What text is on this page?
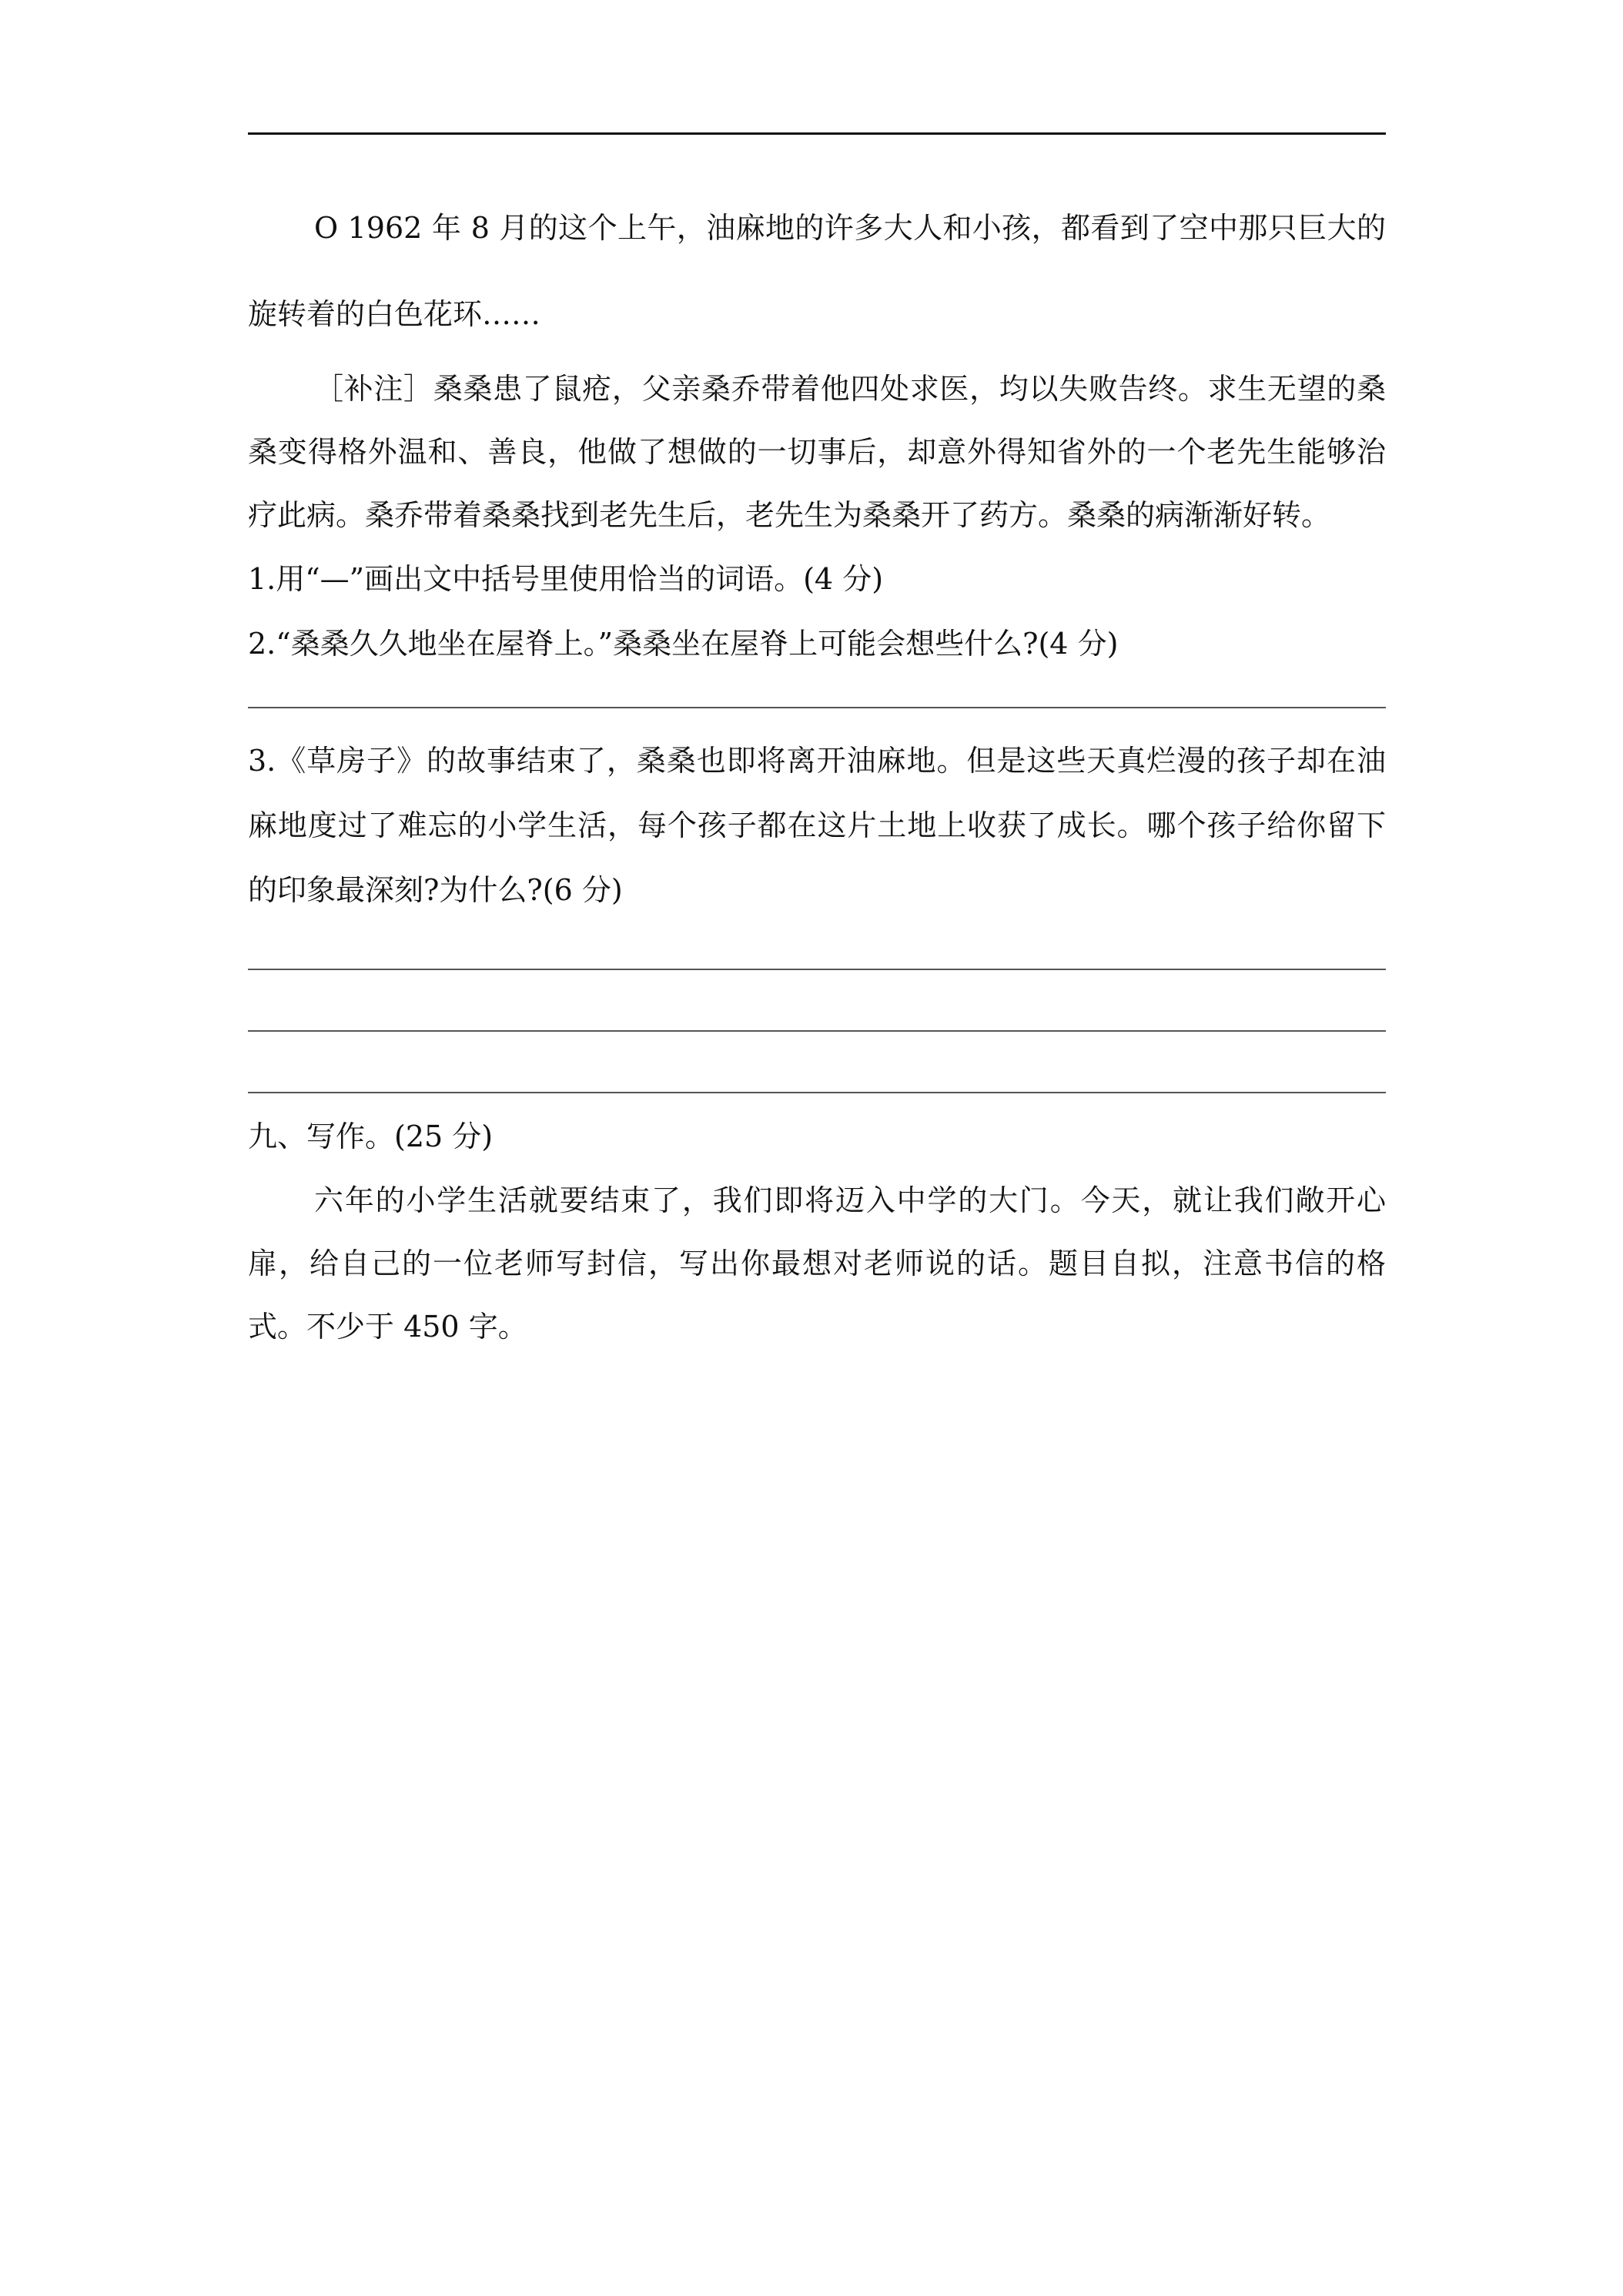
O 1962 年 8 月的这个上午，油麻地的许多大人和小孩，都看到了空中那只巨大的旋转着的白色花环……

［补注］桑桑患了鼠疮，父亲桑乔带着他四处求医，均以失败告终。求生无望的桑桑变得格外温和、善良，他做了想做的一切事后，却意外得知省外的一个老先生能够治疗此病。桑乔带着桑桑找到老先生后，老先生为桑桑开了药方。桑桑的病渐渐好转。

1.用“—”画出文中括号里使用恰当的词语。(4 分)

2.“桑桑久久地坐在屋脊上。”桑桑坐在屋脊上可能会想些什么?(4 分)

3.《草房子》的故事结束了，桑桑也即将离开油麻地。但是这些天真烂漫的孩子却在油麻地度过了难忘的小学生活，每个孩子都在这片土地上收获了成长。哪个孩子给你留下的印象最深刻?为什么?(6 分)

九、写作。(25 分)

六年的小学生活就要结束了，我们即将迈入中学的大门。今天，就让我们敞开心扉，给自己的一位老师写封信，写出你最想对老师说的话。题目自拟，注意书信的格式。不少于 450 字。
